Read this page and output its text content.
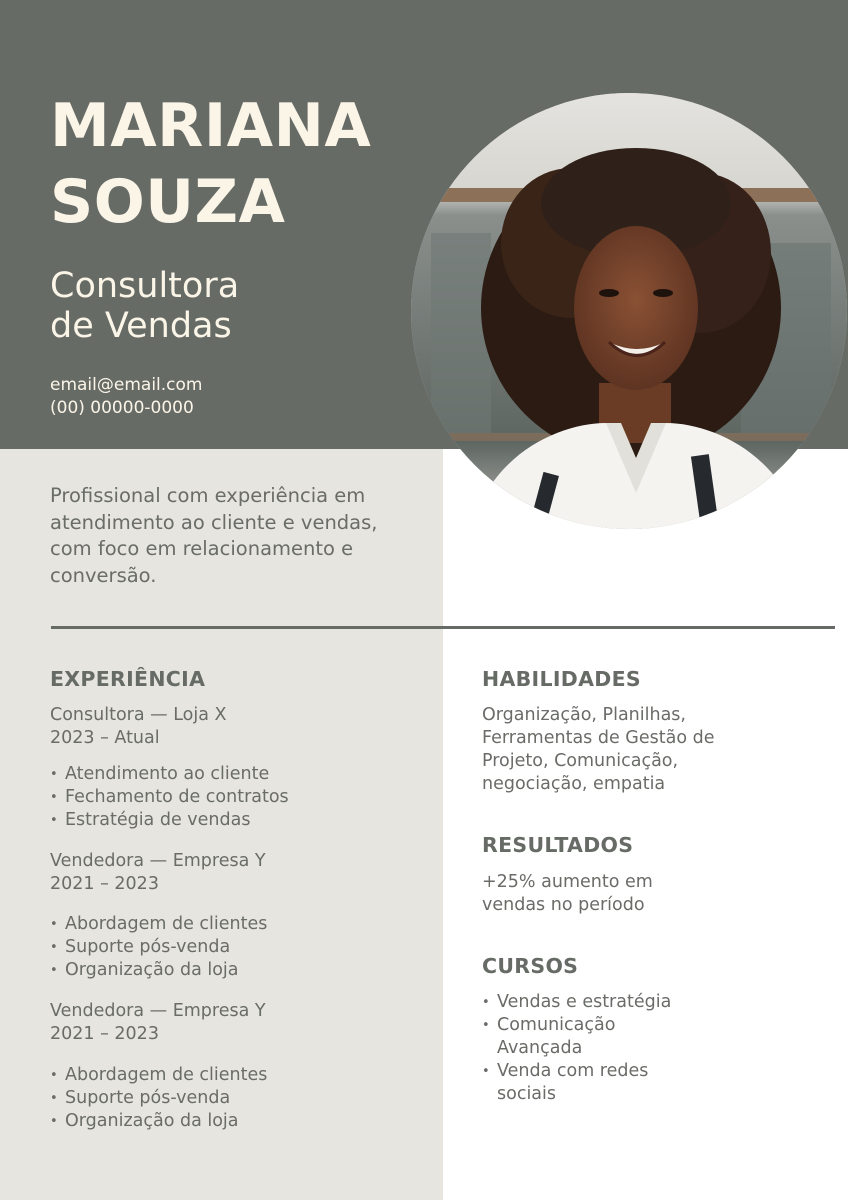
MARIANA
SOUZA
Consultora
de Vendas
email@email.com
(00) 00000-0000
Profissional com experiência em
atendimento ao cliente e vendas,
com foco em relacionamento e
conversão.
EXPERIÊNCIA
Consultora — Loja X
2023 – Atual
• Atendimento ao cliente
• Fechamento de contratos
• Estratégia de vendas
Vendedora — Empresa Y
2021 – 2023
• Abordagem de clientes
• Suporte pós-venda
• Organização da loja
Vendedora — Empresa Y
2021 – 2023
• Abordagem de clientes
• Suporte pós-venda
• Organização da loja
HABILIDADES
Organização, Planilhas,
Ferramentas de Gestão de
Projeto, Comunicação,
negociação, empatia
RESULTADOS
+25% aumento em
vendas no período
CURSOS
• Vendas e estratégia
• Comunicação
Avançada
• Venda com redes
sociais
